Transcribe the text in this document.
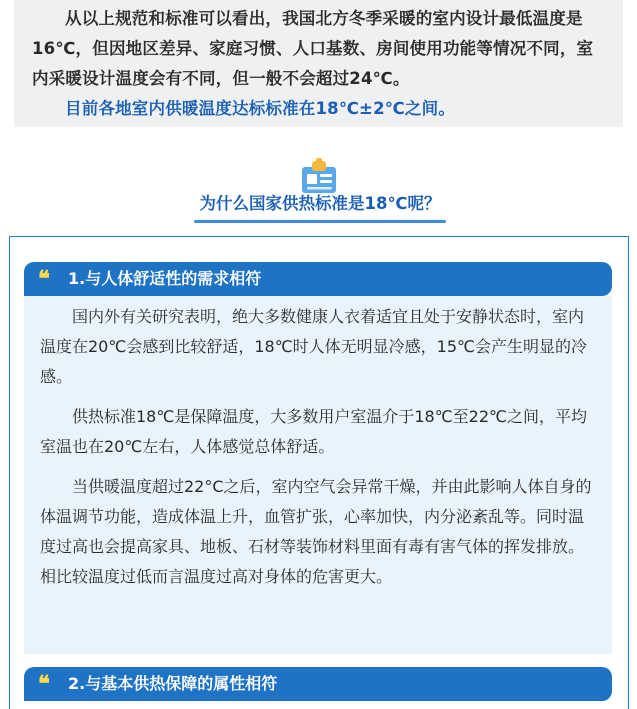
从以上规范和标准可以看出，我国北方冬季采暖的室内设计最低温度是16℃，但因地区差异、家庭习惯、人口基数、房间使用功能等情况不同，室内采暖设计温度会有不同，但一般不会超过24℃。

目前各地室内供暖温度达标标准在18℃±2℃之间。

为什么国家供热标准是18℃呢？
❝ 1.与人体舒适性的需求相符

国内外有关研究表明，绝大多数健康人衣着适宜且处于安静状态时，室内温度在20℃会感到比较舒适，18℃时人体无明显冷感，15℃会产生明显的冷感。

供热标准18℃是保障温度，大多数用户室温介于18℃至22℃之间，平均室温也在20℃左右，人体感觉总体舒适。

当供暖温度超过22°C之后，室内空气会异常干燥，并由此影响人体自身的体温调节功能，造成体温上升，血管扩张，心率加快，内分泌紊乱等。同时温度过高也会提高家具、地板、石材等装饰材料里面有毒有害气体的挥发排放。相比较温度过低而言温度过高对身体的危害更大。

❝ 2.与基本供热保障的属性相符
